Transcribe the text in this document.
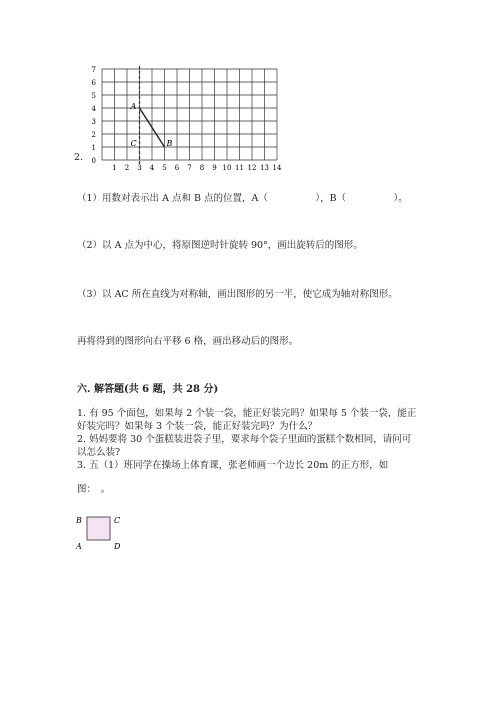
2. 0
1
2
3
4
5
6
7
1 2 3 4 5 6 7 8 9 10 11 12 13 14
A
B
C
（1）用数对表示出 A 点和 B 点的位置，A（　　　　　），B（　　　　　）。
（2）以 A 点为中心，将原图逆时针旋转 90°，画出旋转后的图形。
（3）以 AC 所在直线为对称轴，画出图形的另一半，使它成为轴对称图形。
再将得到的图形向右平移 6 格，画出移动后的图形。
六. 解答题(共 6 题，共 28 分)
1. 有 95 个面包，如果每 2 个装一袋，能正好装完吗？如果每 5 个装一袋，能正
好装完吗？如果每 3 个装一袋，能正好装完吗？为什么？
2. 妈妈要将 30 个蛋糕装进袋子里，要求每个袋子里面的蛋糕个数相同，请问可
以怎么装?
3. 五（1）班同学在操场上体育课，张老师画一个边长 20m 的正方形，如
图：　。
B	C
A	D
